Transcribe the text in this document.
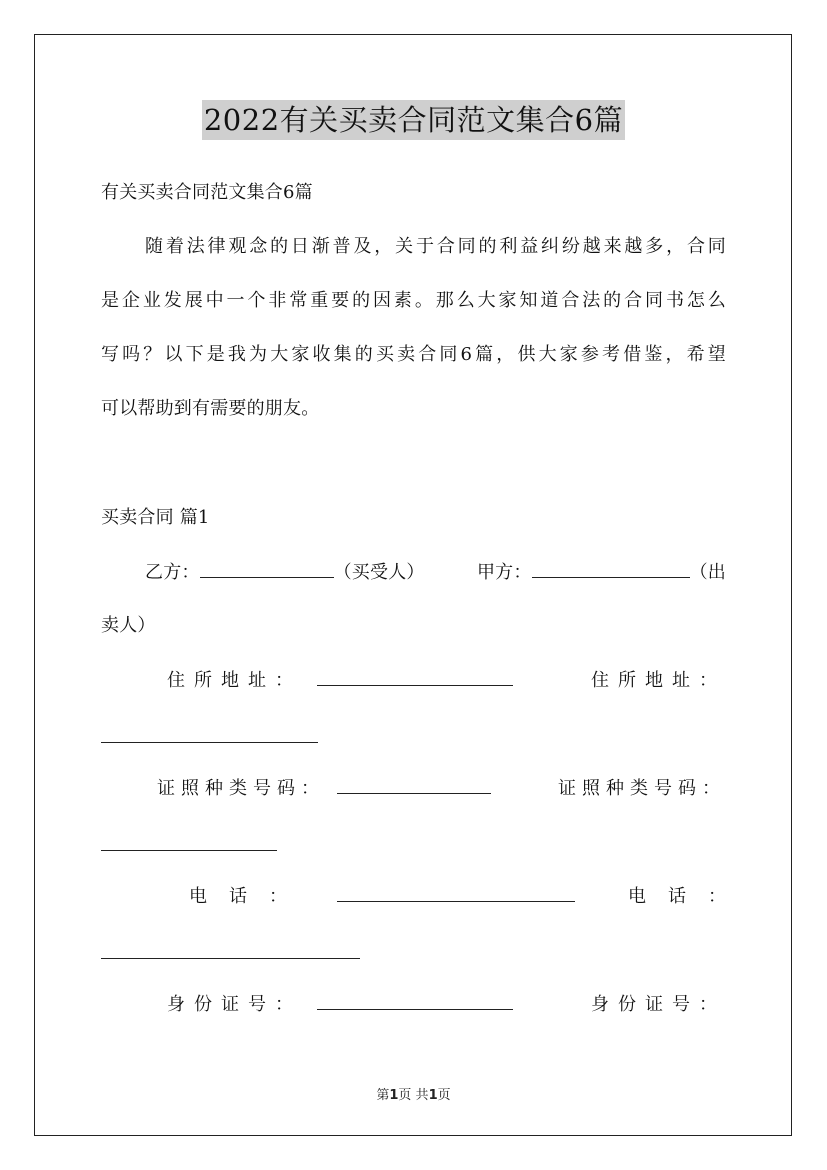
2022有关买卖合同范文集合6篇
有关买卖合同范文集合6篇
随着法律观念的日渐普及，关于合同的利益纠纷越来越多，合同
是企业发展中一个非常重要的因素。那么大家知道合法的合同书怎么
写吗？以下是我为大家收集的买卖合同6篇，供大家参考借鉴，希望
可以帮助到有需要的朋友。
买卖合同 篇1
乙方：	（买受人）	甲方：	（出
卖人）
住所地址：	住所地址：
证照种类号码：	证照种类号码：
电话：	电话：
身份证号：	身份证号：
第1页 共1页
